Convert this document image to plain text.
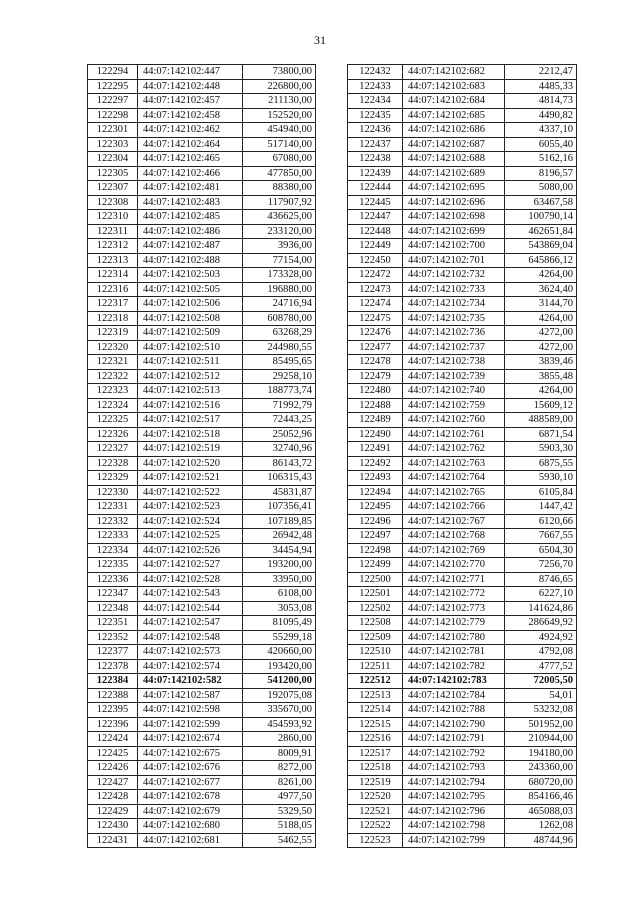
31
122294	44:07:142102:447	73800,00
122295	44:07:142102:448	226800,00
122297	44:07:142102:457	211130,00
122298	44:07:142102:458	152520,00
122301	44:07:142102:462	454940,00
122303	44:07:142102:464	517140,00
122304	44:07:142102:465	67080,00
122305	44:07:142102:466	477850,00
122307	44:07:142102:481	88380,00
122308	44:07:142102:483	117907,92
122310	44:07:142102:485	436625,00
122311	44:07:142102:486	233120,00
122312	44:07:142102:487	3936,00
122313	44:07:142102:488	77154,00
122314	44:07:142102:503	173328,00
122316	44:07:142102:505	196880,00
122317	44:07:142102:506	24716,94
122318	44:07:142102:508	608780,00
122319	44:07:142102:509	63268,29
122320	44:07:142102:510	244980,55
122321	44:07:142102:511	85495,65
122322	44:07:142102:512	29258,10
122323	44:07:142102:513	188773,74
122324	44:07:142102:516	71992,79
122325	44:07:142102:517	72443,25
122326	44:07:142102:518	25052,96
122327	44:07:142102:519	32740,96
122328	44:07:142102:520	86143,72
122329	44:07:142102:521	106315,43
122330	44:07:142102:522	45831,87
122331	44:07:142102:523	107356,41
122332	44:07:142102:524	107189,85
122333	44:07:142102:525	26942,48
122334	44:07:142102:526	34454,94
122335	44:07:142102:527	193200,00
122336	44:07:142102:528	33950,00
122347	44:07:142102:543	6108,00
122348	44:07:142102:544	3053,08
122351	44:07:142102:547	81095,49
122352	44:07:142102:548	55299,18
122377	44:07:142102:573	420660,00
122378	44:07:142102:574	193420,00
122384	44:07:142102:582	541200,00
122388	44:07:142102:587	192075,08
122395	44:07:142102:598	335670,00
122396	44:07:142102:599	454593,92
122424	44:07:142102:674	2860,00
122425	44:07:142102:675	8009,91
122426	44:07:142102:676	8272,00
122427	44:07:142102:677	8261,00
122428	44:07:142102:678	4977,50
122429	44:07:142102:679	5329,50
122430	44:07:142102:680	5188,05
122431	44:07:142102:681	5462,55
122432	44:07:142102:682	2212,47
122433	44:07:142102:683	4485,33
122434	44:07:142102:684	4814,73
122435	44:07:142102:685	4490,82
122436	44:07:142102:686	4337,10
122437	44:07:142102:687	6055,40
122438	44:07:142102:688	5162,16
122439	44:07:142102:689	8196,57
122444	44:07:142102:695	5080,00
122445	44:07:142102:696	63467,58
122447	44:07:142102:698	100790,14
122448	44:07:142102:699	462651,84
122449	44:07:142102:700	543869,04
122450	44:07:142102:701	645866,12
122472	44:07:142102:732	4264,00
122473	44:07:142102:733	3624,40
122474	44:07:142102:734	3144,70
122475	44:07:142102:735	4264,00
122476	44:07:142102:736	4272,00
122477	44:07:142102:737	4272,00
122478	44:07:142102:738	3839,46
122479	44:07:142102:739	3855,48
122480	44:07:142102:740	4264,00
122488	44:07:142102:759	15609,12
122489	44:07:142102:760	488589,00
122490	44:07:142102:761	6871,54
122491	44:07:142102:762	5903,30
122492	44:07:142102:763	6875,55
122493	44:07:142102:764	5930,10
122494	44:07:142102:765	6105,84
122495	44:07:142102:766	1447,42
122496	44:07:142102:767	6120,66
122497	44:07:142102:768	7667,55
122498	44:07:142102:769	6504,30
122499	44:07:142102:770	7256,70
122500	44:07:142102:771	8746,65
122501	44:07:142102:772	6227,10
122502	44:07:142102:773	141624,86
122508	44:07:142102:779	286649,92
122509	44:07:142102:780	4924,92
122510	44:07:142102:781	4792,08
122511	44:07:142102:782	4777,52
122512	44:07:142102:783	72005,50
122513	44:07:142102:784	54,01
122514	44:07:142102:788	53232,08
122515	44:07:142102:790	501952,00
122516	44:07:142102:791	210944,00
122517	44:07:142102:792	194180,00
122518	44:07:142102:793	243360,00
122519	44:07:142102:794	680720,00
122520	44:07:142102:795	854166,46
122521	44:07:142102:796	465088,03
122522	44:07:142102:798	1262,08
122523	44:07:142102:799	48744,96
